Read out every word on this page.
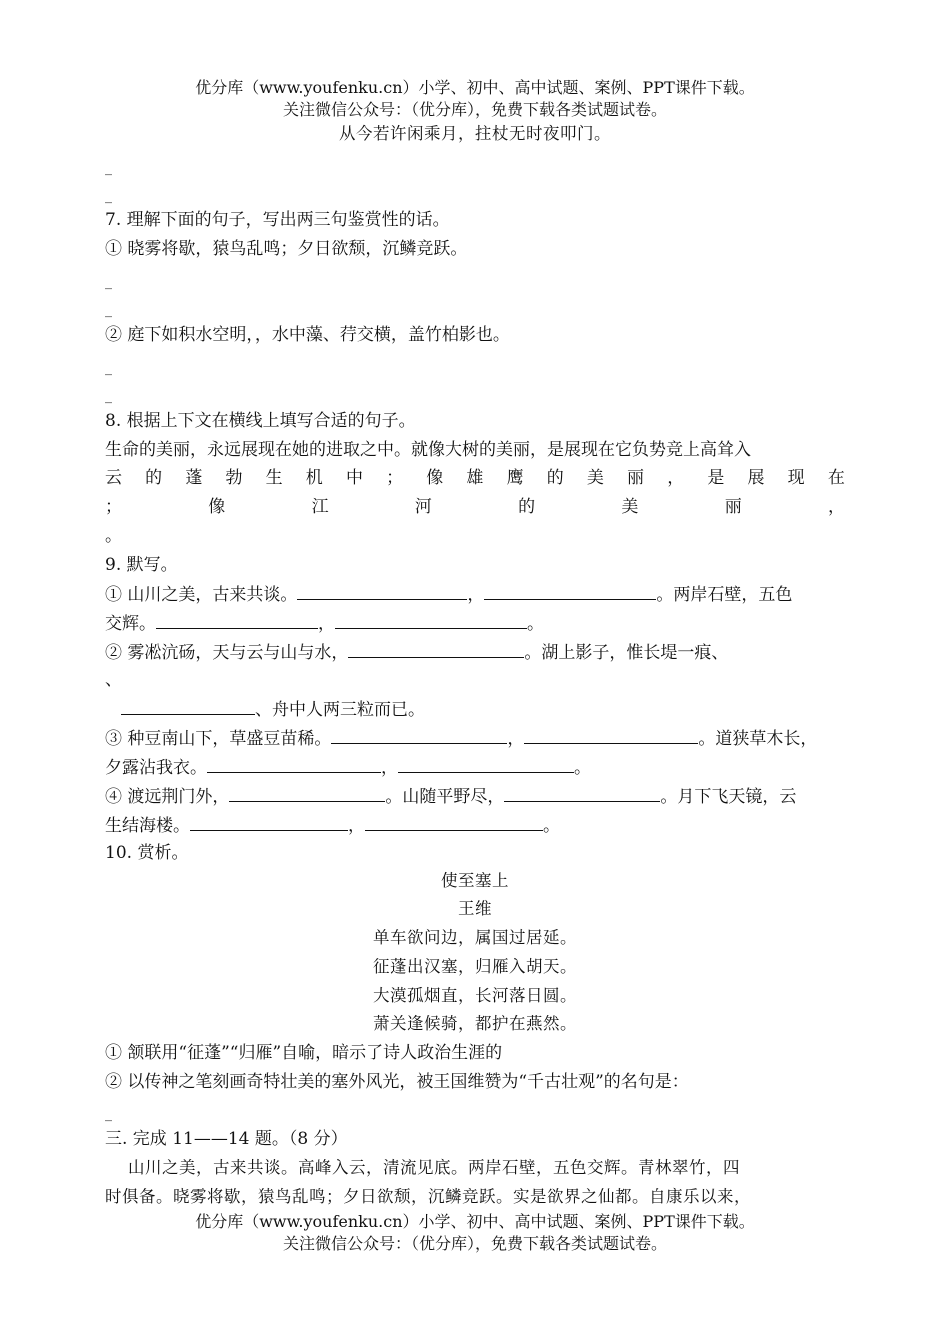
优分库（www.youfenku.cn）小学、初中、高中试题、案例、PPT课件下载。
关注微信公众号：（优分库），免费下载各类试题试卷。
从今若许闲乘月，拄杖无时夜叩门。
_
_
7. 理解下面的句子，写出两三句鉴赏性的话。
① 晓雾将歇，猿鸟乱鸣；夕日欲颓，沉鳞竞跃。
_
_
② 庭下如积水空明，，水中藻、荇交横，盖竹柏影也。
_
_
8. 根据上下文在横线上填写合适的句子。
生命的美丽，永远展现在她的进取之中。就像大树的美丽，是展现在它负势竞上高耸入
云 的 蓬 勃 生 机 中 ； 像 雄 鹰 的 美 丽 ， 是 展 现 在
；	像	江	河	的	美	丽	，
。
9. 默写。
① 山川之美，古来共谈。	，	。两岸石壁，五色
交辉。	，	。
② 雾凇沆砀，天与云与山与水，	。湖上影子，惟长堤一痕、
、
、舟中人两三粒而已。
③ 种豆南山下，草盛豆苗稀。	，	。道狭草木长，
夕露沾我衣。	，	。
④ 渡远荆门外，	。山随平野尽，	。月下飞天镜，云
生结海楼。	，	。
10. 赏析。
使至塞上
王维
单车欲问边，属国过居延。
征蓬出汉塞，归雁入胡天。
大漠孤烟直，长河落日圆。
萧关逢候骑，都护在燕然。
① 颔联用“征蓬”“归雁”自喻，暗示了诗人政治生涯的
② 以传神之笔刻画奇特壮美的塞外风光，被王国维赞为“千古壮观”的名句是：
_
三. 完成 11——14 题。（8 分）
山川之美，古来共谈。高峰入云，清流见底。两岸石壁，五色交辉。青林翠竹，四
时俱备。晓雾将歇，猿鸟乱鸣；夕日欲颓，沉鳞竞跃。实是欲界之仙都。自康乐以来，
优分库（www.youfenku.cn）小学、初中、高中试题、案例、PPT课件下载。
关注微信公众号：（优分库），免费下载各类试题试卷。
